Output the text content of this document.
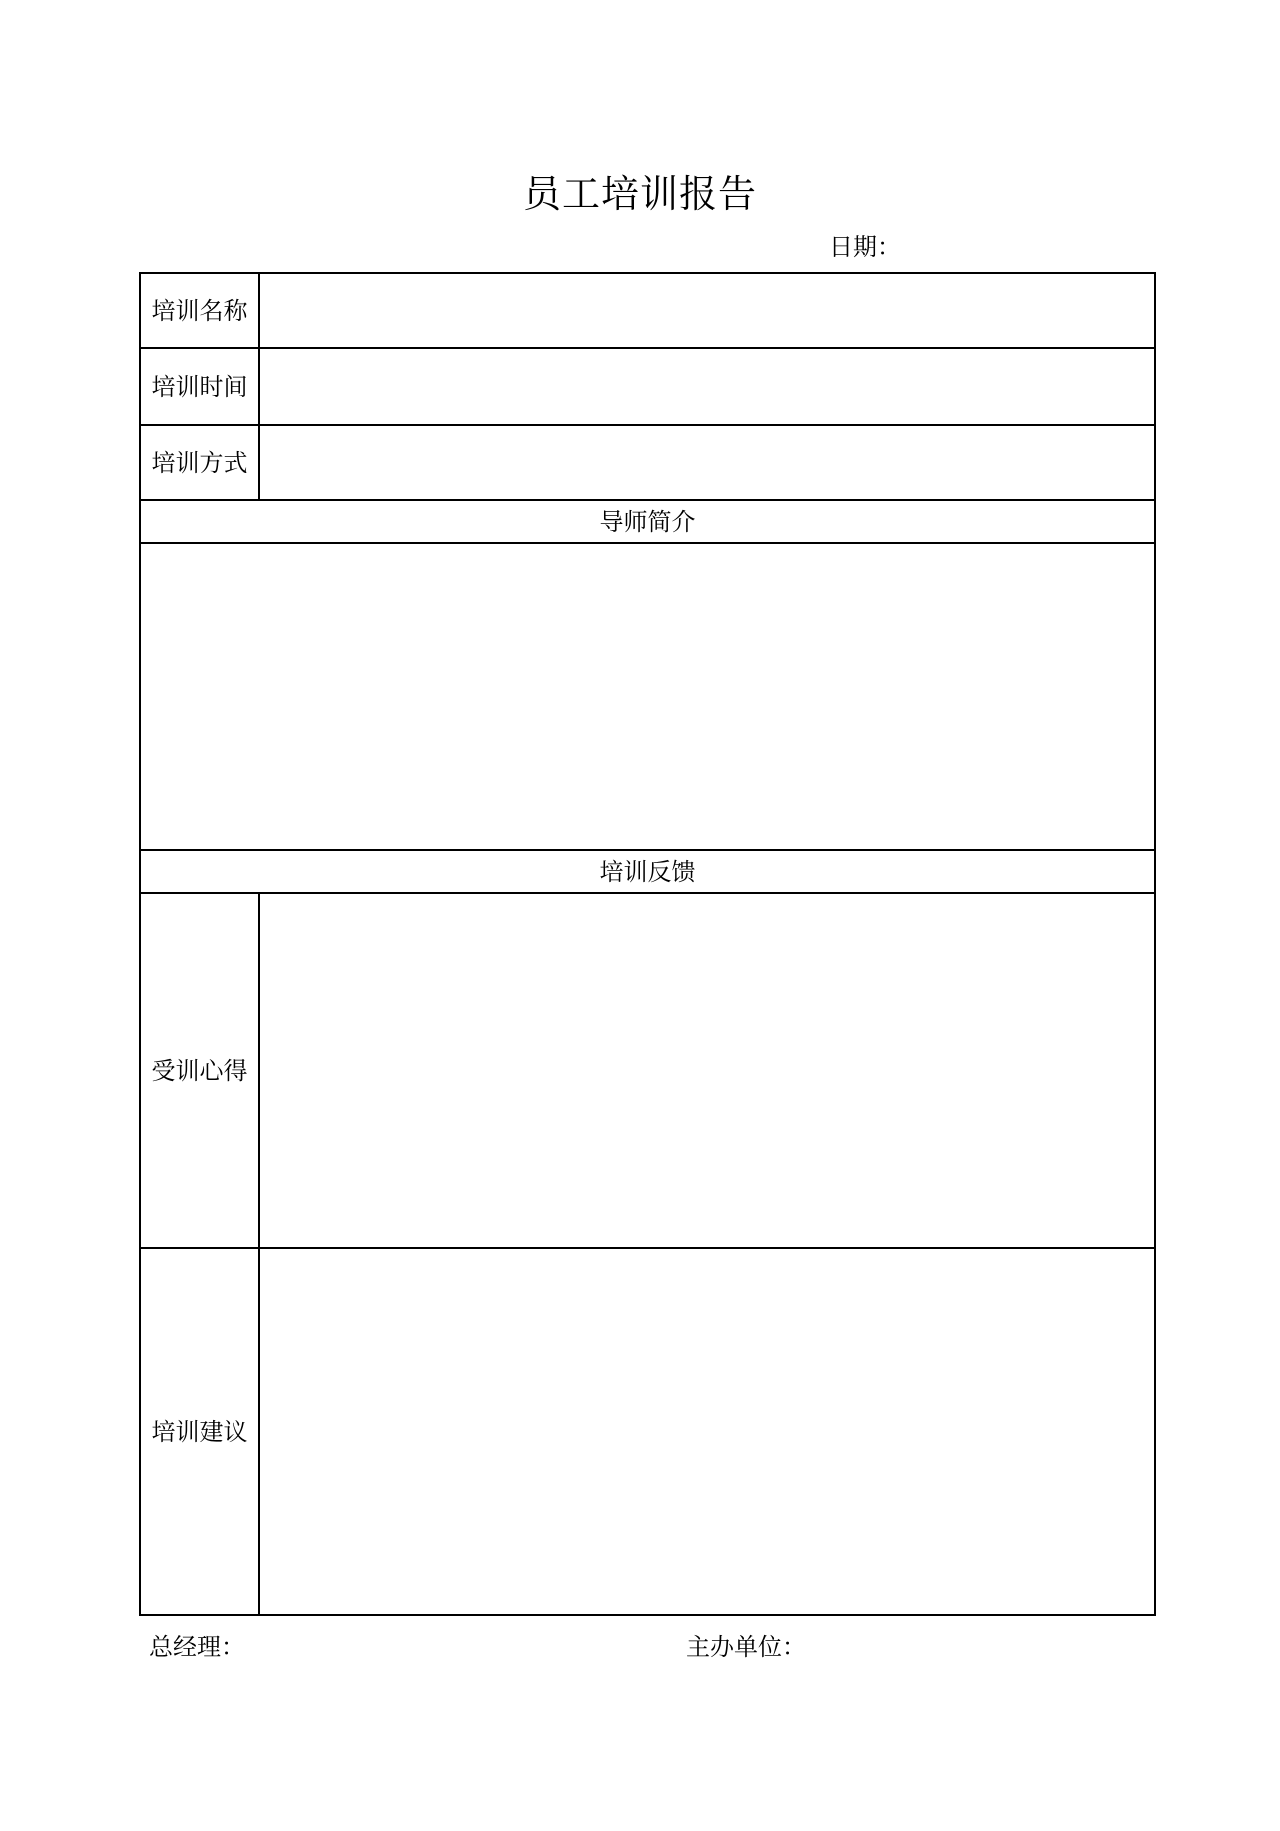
员工培训报告
日期：
培训名称	
培训时间	
培训方式	
导师简介	

培训反馈	
受训心得	
培训建议	
总经理：	主办单位：
